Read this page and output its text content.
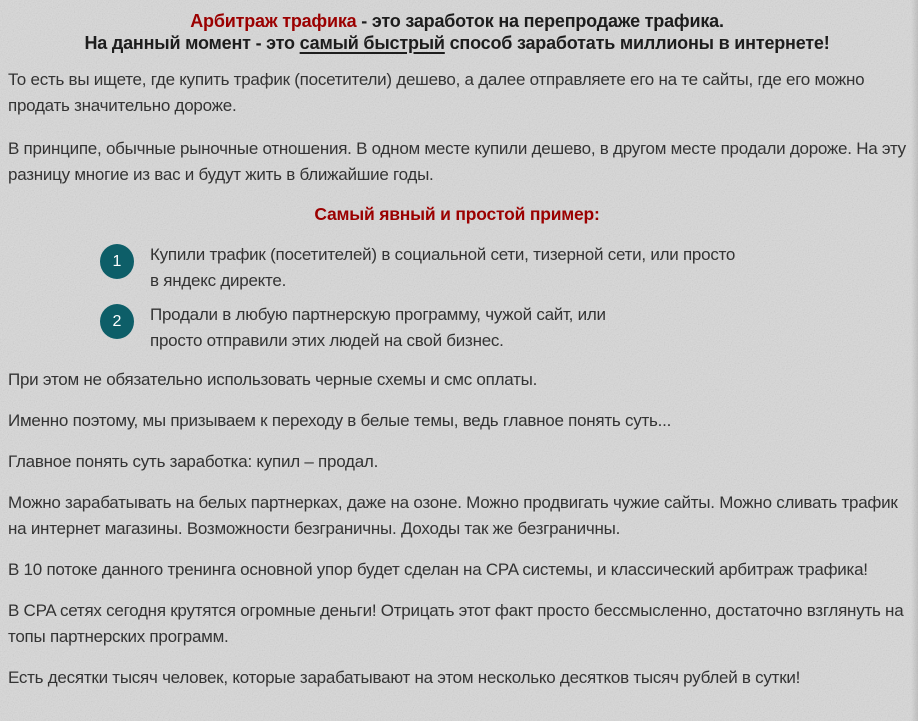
Арбитраж трафика - это заработок на перепродаже трафика.
На данный момент - это самый быстрый способ заработать миллионы в интернете!

То есть вы ищете, где купить трафик (посетители) дешево, а далее отправляете его на те сайты, где его можно продать значительно дороже.

В принципе, обычные рыночные отношения. В одном месте купили дешево, в другом месте продали дороже. На эту разницу многие из вас и будут жить в ближайшие годы.

Самый явный и простой пример:
1	Купили трафик (посетителей) в социальной сети, тизерной сети, или просто
в яндекс директе.
2	Продали в любую партнерскую программу, чужой сайт, или
просто отправили этих людей на свой бизнес.

При этом не обязательно использовать черные схемы и смс оплаты.

Именно поэтому, мы призываем к переходу в белые темы, ведь главное понять суть...

Главное понять суть заработка: купил – продал.

Можно зарабатывать на белых партнерках, даже на озоне. Можно продвигать чужие сайты. Можно сливать трафик на интернет магазины. Возможности безграничны. Доходы так же безграничны.

В 10 потоке данного тренинга основной упор будет сделан на CPA системы, и классический арбитраж трафика!

В CPA сетях сегодня крутятся огромные деньги! Отрицать этот факт просто бессмысленно, достаточно взглянуть на топы партнерских программ.

Есть десятки тысяч человек, которые зарабатывают на этом несколько десятков тысяч рублей в сутки!
